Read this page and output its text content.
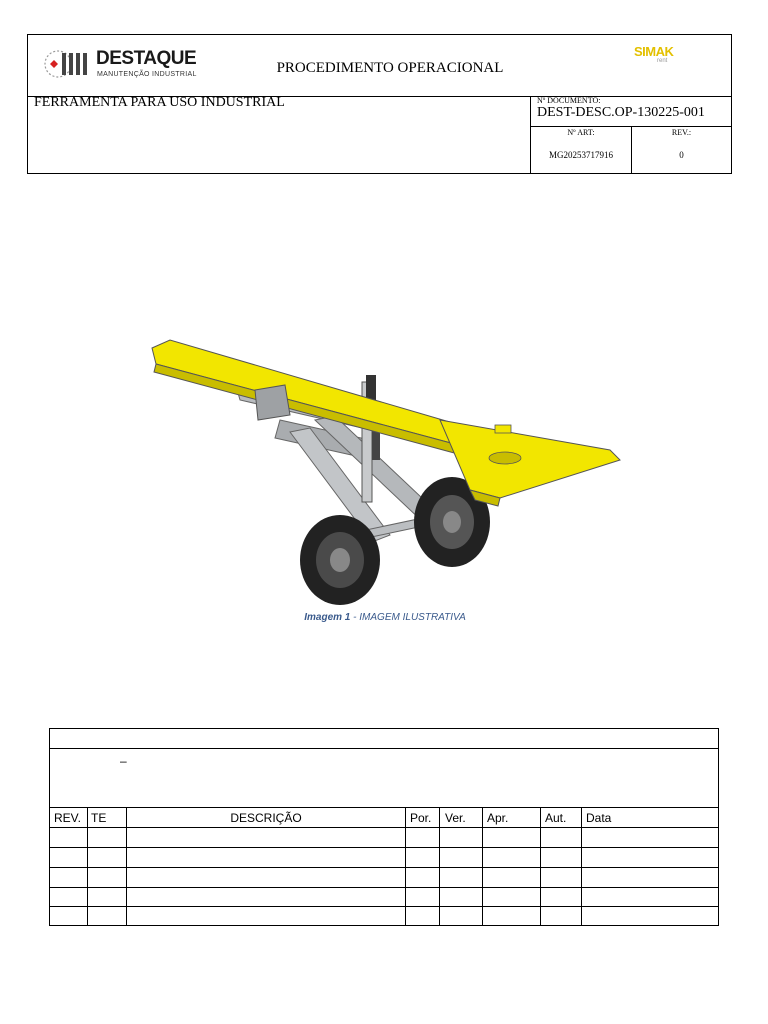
DESTAQUE
MANUTENÇÃO INDUSTRIAL	PROCEDIMENTO OPERACIONAL
SIMAK
rent
FERRAMENTA PARA USO INDUSTRIAL	Nº DOCUMENTO:
DEST-DESC.OP-130225-001
Nº ART:
MG20253717916
REV.:
0
Imagem 1 - IMAGEM ILUSTRATIVA
REV. TE	DESCRIÇÃO	Por. Ver. Apr.	Aut. Data
–
